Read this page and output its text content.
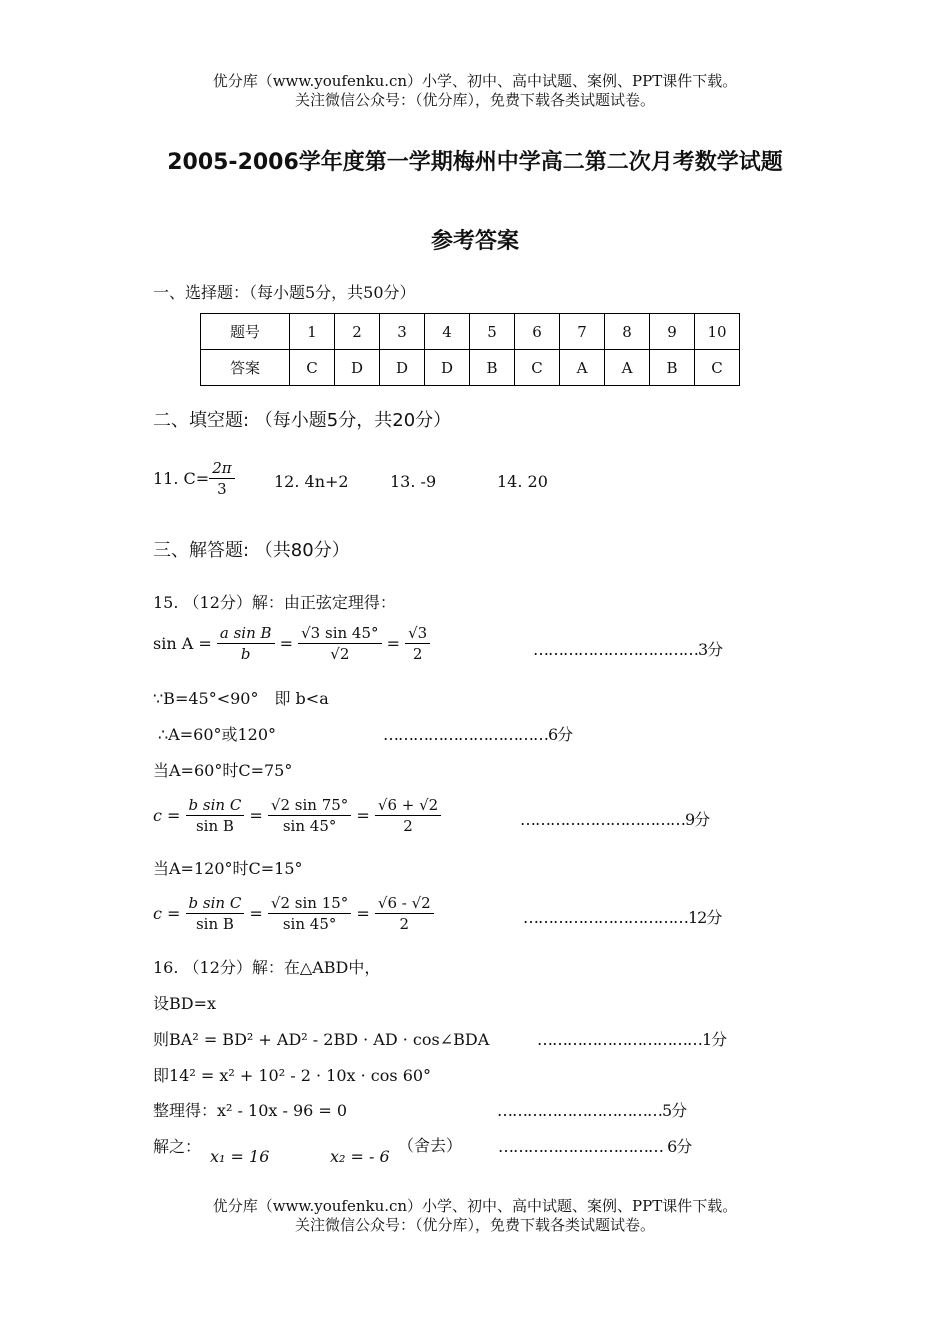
优分库（www.youfenku.cn）小学、初中、高中试题、案例、PPT课件下载。
关注微信公众号：（优分库），免费下载各类试题试卷。
2005-2006学年度第一学期梅州中学高二第二次月考数学试题
参考答案
一、选择题：（每小题5分，共50分）
题号	1	2	3	4	5	6	7	8	9	10
答案	C	D	D	D	B	C	A	A	B	C
二、填空题: （每小题5分，共20分）
11. $C= \frac{2\pi}{3} 12$. 4n+2	13. -9	14. 20
三、解答题: （共80分）
15. （12分）解：由正弦定理得：
$\sin A = \frac{\text{a sin B}}{b} = \frac{√3 \sin 45^\circ}{√2} = \frac{√3}{2}$	……………………………3分
∵B=45°<90°　即 b<a
∴A=60°或120°	……………………………6分
当A=60°时C=75°
$c = \frac{\text{b sin C}}{\text{sin B}} = \frac{√2 \sin 75^\circ}{\sin 45^\circ} = \frac{√6 + √2}{2}$	……………………………9分
当A=120°时C=15°
$c = \frac{\text{b sin C}}{\text{sin B}} = \frac{√2 \sin 15^\circ}{\sin 45^\circ} = \frac{√6 - √2}{2}$	……………………………12分
16. （12分）解：在△ABD中，
设BD=x
则BA² = BD² + AD² - 2BD · AD · cos∠BDA	……………………………1分
即14² = x² + 10² - 2 · 10x · cos 60°
整理得：x² - 10x - 96 = 0	……………………………5分
解之：
x₁ = 16	x₂ = - 6
（舍去） …………………………… 6分
优分库（www.youfenku.cn）小学、初中、高中试题、案例、PPT课件下载。
关注微信公众号：（优分库），免费下载各类试题试卷。
